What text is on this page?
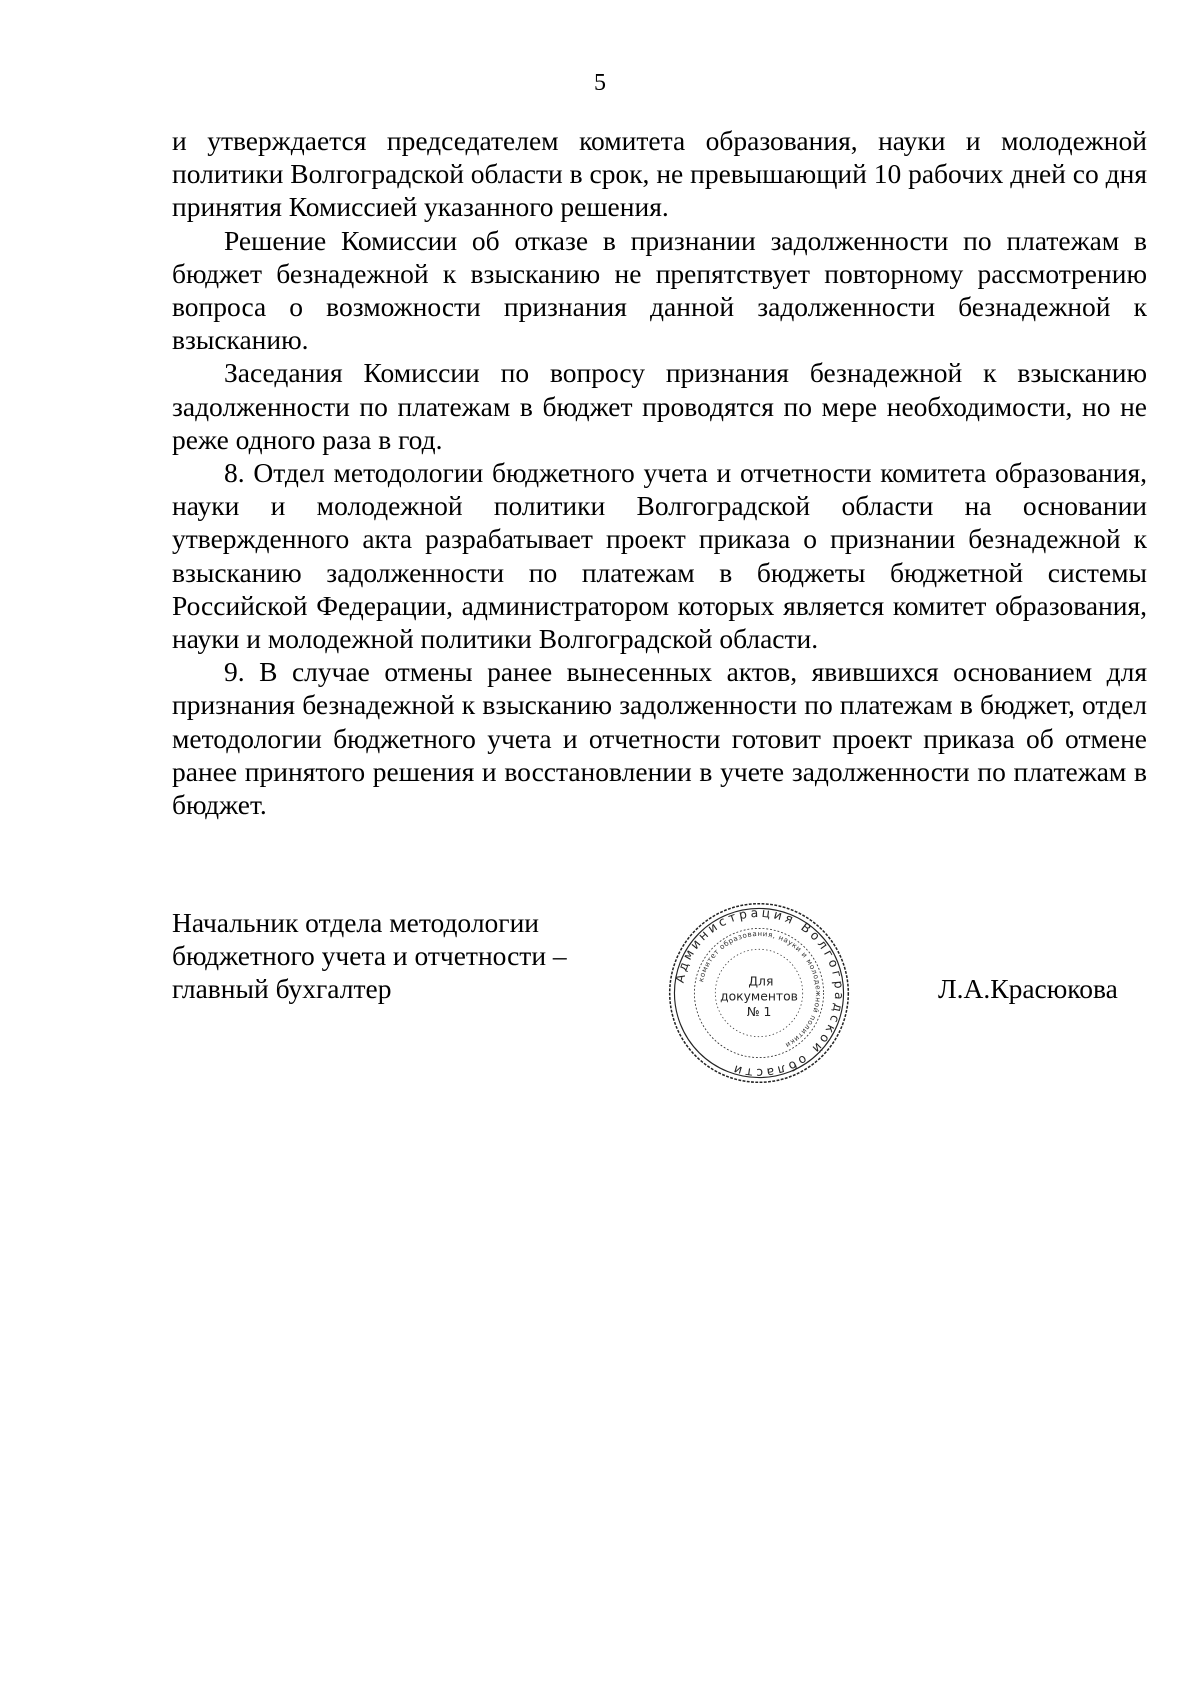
5

и утверждается председателем комитета образования, науки и молодежной политики Волгоградской области в срок, не превышающий 10 рабочих дней со дня принятия Комиссией указанного решения.

Решение Комиссии об отказе в признании задолженности по платежам в бюджет безнадежной к взысканию не препятствует повторному рассмотрению вопроса о возможности признания данной задолженности безнадежной к взысканию.

Заседания Комиссии по вопросу признания безнадежной к взысканию задолженности по платежам в бюджет проводятся по мере необходимости, но не реже одного раза в год.

8. Отдел методологии бюджетного учета и отчетности комитета образования, науки и молодежной политики Волгоградской области на основании утвержденного акта разрабатывает проект приказа о признании безнадежной к взысканию задолженности по платежам в бюджеты бюджетной системы Российской Федерации, администратором которых является комитет образования, науки и молодежной политики Волгоградской области.

9. В случае отмены ранее вынесенных актов, явившихся основанием для признания безнадежной к взысканию задолженности по платежам в бюджет, отдел методологии бюджетного учета и отчетности готовит проект приказа об отмене ранее принятого решения и восстановлении в учете задолженности по платежам в бюджет.

Начальник отдела методологии
бюджетного учета и отчетности –
главный бухгалтер	Администрация Волгоградской области
комитет образования, науки и молодежной политики
Для
документов
№ 1
Л.А.Красюкова
